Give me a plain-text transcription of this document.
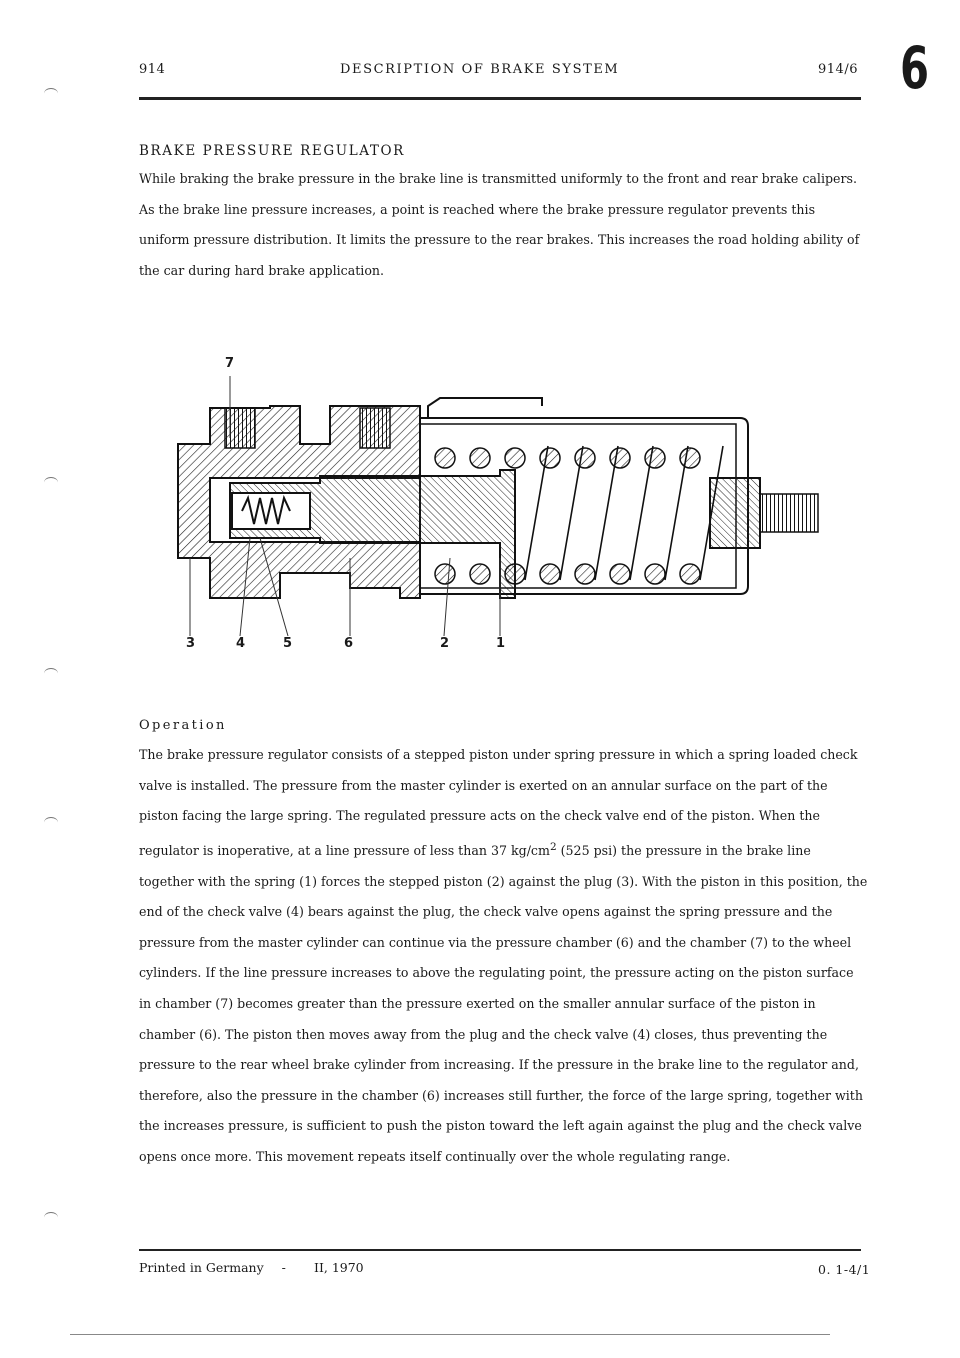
914	DESCRIPTION OF BRAKE SYSTEM	914/6 6
BRAKE PRESSURE REGULATOR
While braking the brake pressure in the brake line is transmitted uniformly to the front and rear brake calipers. As the brake line pressure increases, a point is reached where the brake pressure regulator prevents this uniform pressure distribution. It limits the pressure to the rear brakes. This increases the road holding ability of the car during hard brake application.
7
3	4	5	6	2	1
Operation
The brake pressure regulator consists of a stepped piston under spring pressure in which a spring loaded check valve is installed. The pressure from the master cylinder is exerted on an annular surface on the part of the piston facing the large spring. The regulated pressure acts on the check valve end of the piston. When the regulator is inoperative, at a line pressure of less than 37 $kg/cm^2$ (525 psi) the pressure in the brake line together with the spring (1) forces the stepped piston (2) against the plug (3). With the piston in this position, the end of the check valve (4) bears against the plug, the check valve opens against the spring pressure and the pressure from the master cylinder can continue via the pressure chamber (6) and the chamber (7) to the wheel cylinders. If the line pressure increases to above the regulating point, the pressure acting on the piston surface in chamber (7) becomes greater than the pressure exerted on the smaller annular surface of the piston in chamber (6). The piston then moves away from the plug and the check valve (4) closes, thus preventing the pressure to the rear wheel brake cylinder from increasing. If the pressure in the brake line to the regulator and, therefore, also the pressure in the chamber (6) increases still further, the force of the large spring, together with the increases pressure, is sufficient to push the piston toward the left again against the plug and the check valve opens once more. This movement repeats itself continually over the whole regulating range.
Printed in Germany - II, 1970	0. 1-4/1
